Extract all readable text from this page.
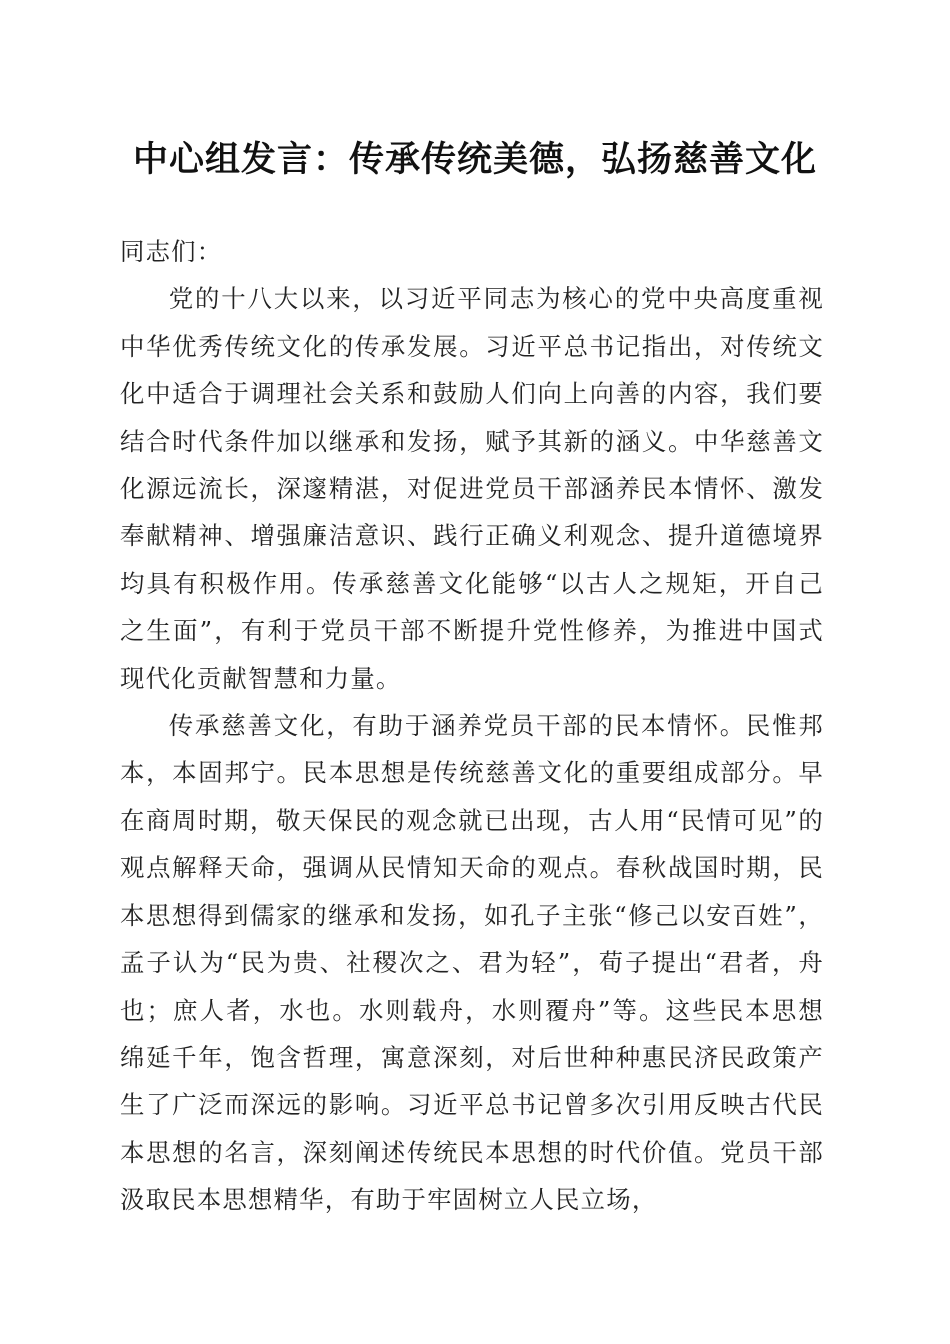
中心组发言：传承传统美德，弘扬慈善文化

同志们：

党的十八大以来，以习近平同志为核心的党中央高度重视中华优秀传统文化的传承发展。习近平总书记指出，对传统文化中适合于调理社会关系和鼓励人们向上向善的内容，我们要结合时代条件加以继承和发扬，赋予其新的涵义。中华慈善文化源远流长，深邃精湛，对促进党员干部涵养民本情怀、激发奉献精神、增强廉洁意识、践行正确义利观念、提升道德境界均具有积极作用。传承慈善文化能够“以古人之规矩，开自己之生面”，有利于党员干部不断提升党性修养，为推进中国式现代化贡献智慧和力量。

传承慈善文化，有助于涵养党员干部的民本情怀。民惟邦本，本固邦宁。民本思想是传统慈善文化的重要组成部分。早在商周时期，敬天保民的观念就已出现，古人用“民情可见”的观点解释天命，强调从民情知天命的观点。春秋战国时期，民本思想得到儒家的继承和发扬，如孔子主张“修己以安百姓”，孟子认为“民为贵、社稷次之、君为轻”，荀子提出“君者，舟也；庶人者，水也。水则载舟，水则覆舟”等。这些民本思想绵延千年，饱含哲理，寓意深刻，对后世种种惠民济民政策产生了广泛而深远的影响。习近平总书记曾多次引用反映古代民本思想的名言，深刻阐述传统民本思想的时代价值。党员干部汲取民本思想精华，有助于牢固树立人民立场，
